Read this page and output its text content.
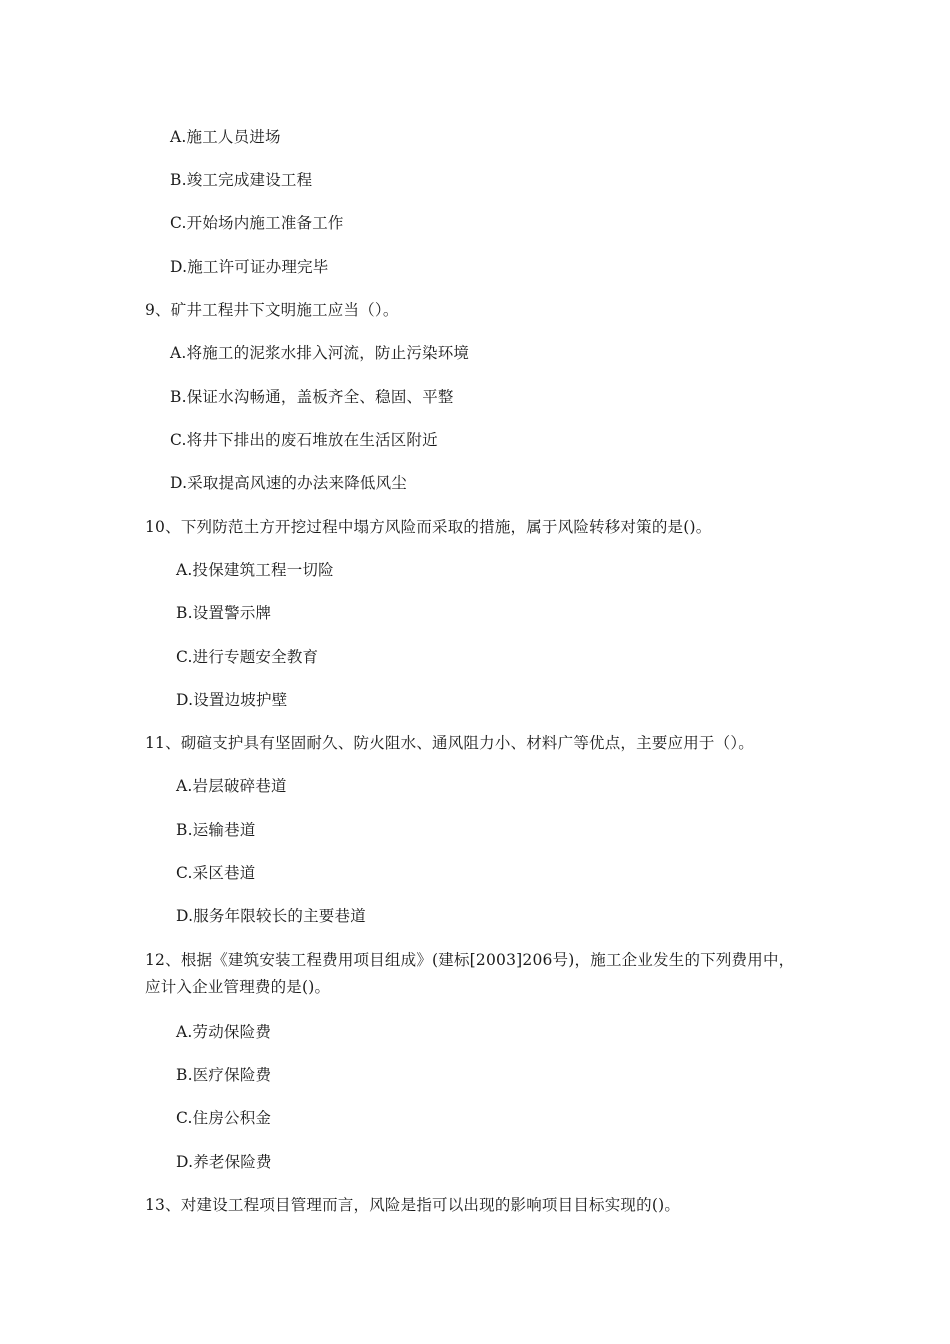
A.施工人员进场
B.竣工完成建设工程
C.开始场内施工准备工作
D.施工许可证办理完毕
9、矿井工程井下文明施工应当（）。
A.将施工的泥浆水排入河流，防止污染环境
B.保证水沟畅通，盖板齐全、稳固、平整
C.将井下排出的废石堆放在生活区附近
D.采取提高风速的办法来降低风尘
10、下列防范土方开挖过程中塌方风险而采取的措施，属于风险转移对策的是()。
A.投保建筑工程一切险
B.设置警示牌
C.进行专题安全教育
D.设置边坡护壁
11、砌碹支护具有坚固耐久、防火阻水、通风阻力小、材料广等优点，主要应用于（）。
A.岩层破碎巷道
B.运输巷道
C.采区巷道
D.服务年限较长的主要巷道
12、根据《建筑安装工程费用项目组成》(建标[2003]206号)，施工企业发生的下列费用中，
应计入企业管理费的是()。
A.劳动保险费
B.医疗保险费
C.住房公积金
D.养老保险费
13、对建设工程项目管理而言，风险是指可以出现的影响项目目标实现的()。
